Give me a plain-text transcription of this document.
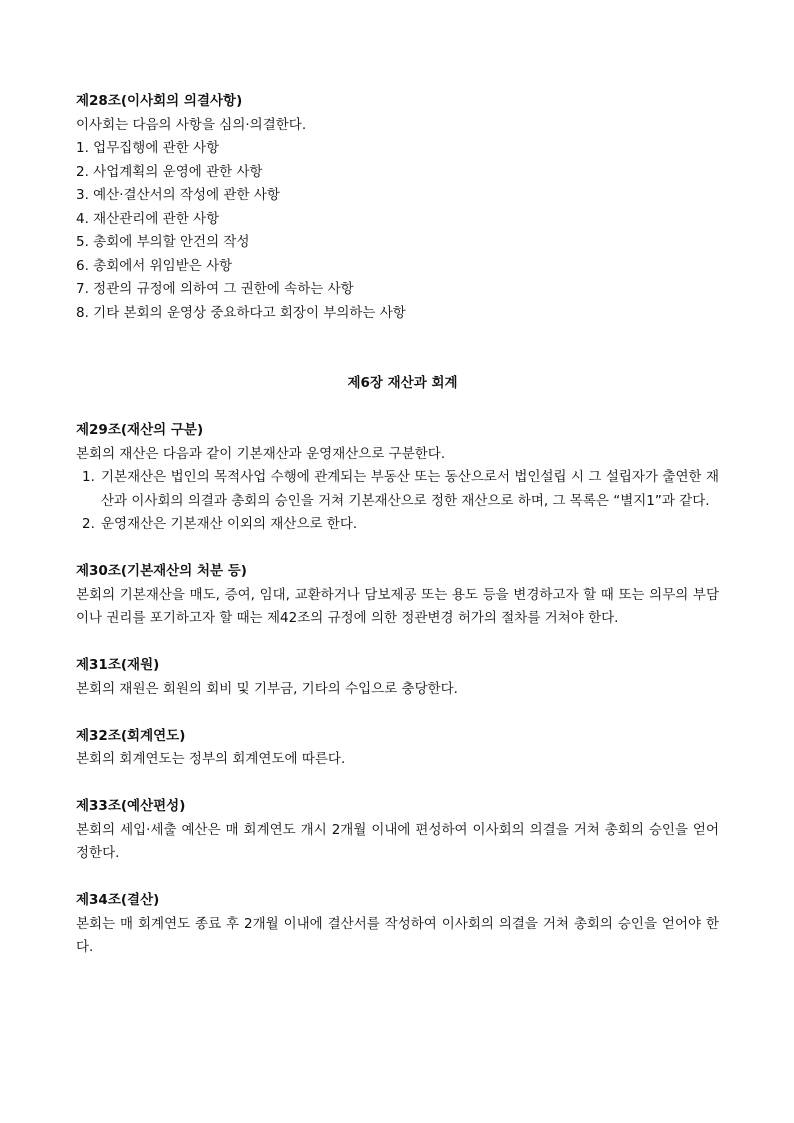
제28조(이사회의 의결사항)

이사회는 다음의 사항을 심의·의결한다.

1. 업무집행에 관한 사항
2. 사업계획의 운영에 관한 사항
3. 예산·결산서의 작성에 관한 사항
4. 재산관리에 관한 사항
5. 총회에 부의할 안건의 작성
6. 총회에서 위임받은 사항
7. 정관의 규정에 의하여 그 권한에 속하는 사항
8. 기타 본회의 운영상 중요하다고 회장이 부의하는 사항

제6장 재산과 회계

제29조(재산의 구분)

본회의 재산은 다음과 같이 기본재산과 운영재산으로 구분한다.

1. 기본재산은 법인의 목적사업 수행에 관계되는 부동산 또는 동산으로서 법인설립 시 그 설립자가 출연한 재산과 이사회의 의결과 총회의 승인을 거쳐 기본재산으로 정한 재산으로 하며, 그 목록은 “별지1”과 같다.
2. 운영재산은 기본재산 이외의 재산으로 한다.

제30조(기본재산의 처분 등)

본회의 기본재산을 매도, 증여, 임대, 교환하거나 담보제공 또는 용도 등을 변경하고자 할 때 또는 의무의 부담이나 권리를 포기하고자 할 때는 제42조의 규정에 의한 정관변경 허가의 절차를 거쳐야 한다.

제31조(재원)

본회의 재원은 회원의 회비 및 기부금, 기타의 수입으로 충당한다.

제32조(회계연도)

본회의 회계연도는 정부의 회계연도에 따른다.

제33조(예산편성)

본회의 세입·세출 예산은 매 회계연도 개시 2개월 이내에 편성하여 이사회의 의결을 거쳐 총회의 승인을 얻어 정한다.

제34조(결산)

본회는 매 회계연도 종료 후 2개월 이내에 결산서를 작성하여 이사회의 의결을 거쳐 총회의 승인을 얻어야 한다.
